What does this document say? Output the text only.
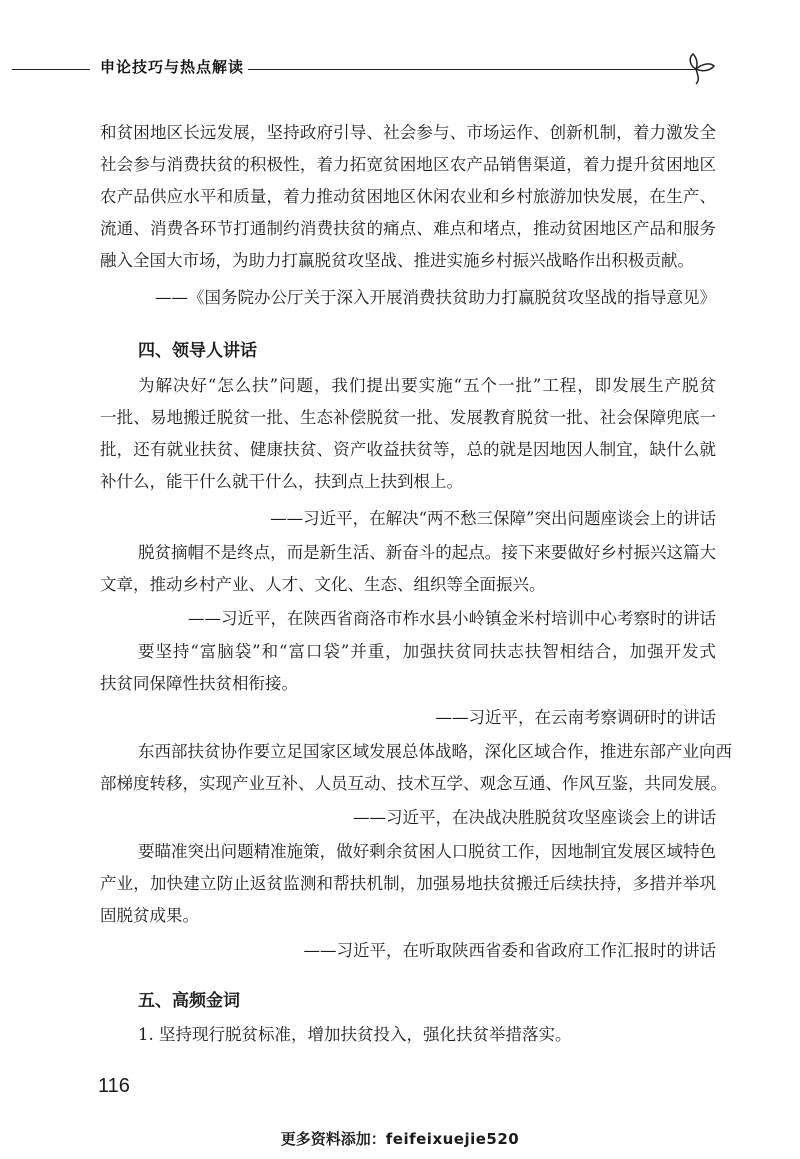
申论技巧与热点解读
和贫困地区长远发展，坚持政府引导、社会参与、市场运作、创新机制，着力激发全
社会参与消费扶贫的积极性，着力拓宽贫困地区农产品销售渠道，着力提升贫困地区
农产品供应水平和质量，着力推动贫困地区休闲农业和乡村旅游加快发展，在生产、
流通、消费各环节打通制约消费扶贫的痛点、难点和堵点，推动贫困地区产品和服务
融入全国大市场，为助力打赢脱贫攻坚战、推进实施乡村振兴战略作出积极贡献。
——《国务院办公厅关于深入开展消费扶贫助力打赢脱贫攻坚战的指导意见》
四、领导人讲话
为解决好“怎么扶”问题，我们提出要实施“五个一批”工程，即发展生产脱贫
一批、易地搬迁脱贫一批、生态补偿脱贫一批、发展教育脱贫一批、社会保障兜底一
批，还有就业扶贫、健康扶贫、资产收益扶贫等，总的就是因地因人制宜，缺什么就
补什么，能干什么就干什么，扶到点上扶到根上。
——习近平，在解决“两不愁三保障”突出问题座谈会上的讲话
脱贫摘帽不是终点，而是新生活、新奋斗的起点。接下来要做好乡村振兴这篇大
文章，推动乡村产业、人才、文化、生态、组织等全面振兴。
——习近平，在陕西省商洛市柞水县小岭镇金米村培训中心考察时的讲话
要坚持“富脑袋”和“富口袋”并重，加强扶贫同扶志扶智相结合，加强开发式
扶贫同保障性扶贫相衔接。
——习近平，在云南考察调研时的讲话
东西部扶贫协作要立足国家区域发展总体战略，深化区域合作，推进东部产业向西
部梯度转移，实现产业互补、人员互动、技术互学、观念互通、作风互鉴，共同发展。
——习近平，在决战决胜脱贫攻坚座谈会上的讲话
要瞄准突出问题精准施策，做好剩余贫困人口脱贫工作，因地制宜发展区域特色
产业，加快建立防止返贫监测和帮扶机制，加强易地扶贫搬迁后续扶持，多措并举巩
固脱贫成果。
——习近平，在听取陕西省委和省政府工作汇报时的讲话
五、高频金词
1. 坚持现行脱贫标准，增加扶贫投入，强化扶贫举措落实。
116
更多资料添加：feifeixuejie520
